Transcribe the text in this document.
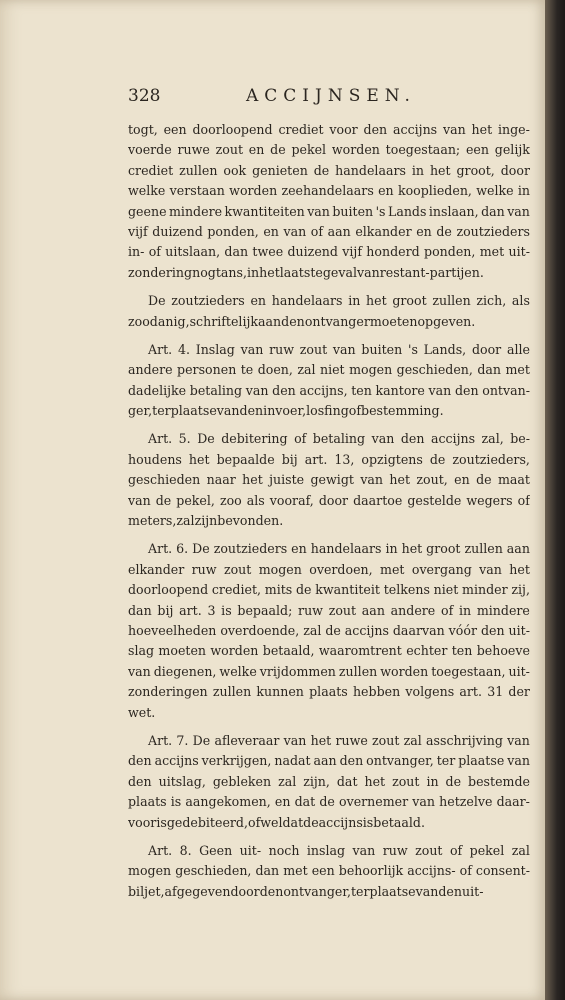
328	ACCIJNSEN.
togt, een doorloopend crediet voor den accijns van het inge-
voerde ruwe zout en de pekel worden toegestaan; een gelijk
crediet zullen ook genieten de handelaars in het groot, door
welke verstaan worden zeehandelaars en kooplieden, welke in
geene mindere kwantiteiten van buiten 's Lands inslaan, dan van
vijf duizend ponden, en van of aan elkander en de zoutzieders
in- of uitslaan, dan twee duizend vijf honderd ponden, met uit-
zondering nogtans, in het laatste geval van restant-partijen.
De zoutzieders en handelaars in het groot zullen zich, als
zoodanig, schriftelijk aan den ontvanger moeten opgeven.
Art. 4. Inslag van ruw zout van buiten 's Lands, door alle
andere personen te doen, zal niet mogen geschieden, dan met
dadelijke betaling van den accijns, ten kantore van den ontvan-
ger, ter plaatse van den invoer, losfing of bestemming.
Art. 5. De debitering of betaling van den accijns zal, be-
houdens het bepaalde bij art. 13, opzigtens de zoutzieders,
geschieden naar het juiste gewigt van het zout, en de maat
van de pekel, zoo als vooraf, door daartoe gestelde wegers of
meters, zal zijn bevonden.
Art. 6. De zoutzieders en handelaars in het groot zullen aan
elkander ruw zout mogen overdoen, met overgang van het
doorloopend crediet, mits de kwantiteit telkens niet minder zij,
dan bij art. 3 is bepaald; ruw zout aan andere of in mindere
hoeveelheden overdoende, zal de accijns daarvan vóór den uit-
slag moeten worden betaald, waaromtrent echter ten behoeve
van diegenen, welke vrijdommen zullen worden toegestaan, uit-
zonderingen zullen kunnen plaats hebben volgens art. 31 der
wet.
Art. 7. De afleveraar van het ruwe zout zal asschrijving van
den accijns verkrijgen, nadat aan den ontvanger, ter plaatse van
den uitslag, gebleken zal zijn, dat het zout in de bestemde
plaats is aangekomen, en dat de overnemer van hetzelve daar-
voor is gedebiteerd, of wel dat de accijns is betaald.
Art. 8. Geen uit- noch inslag van ruw zout of pekel zal
mogen geschieden, dan met een behoorlijk accijns- of consent-
biljet, afgegeven door den ontvanger, ter plaatse van den uit-
